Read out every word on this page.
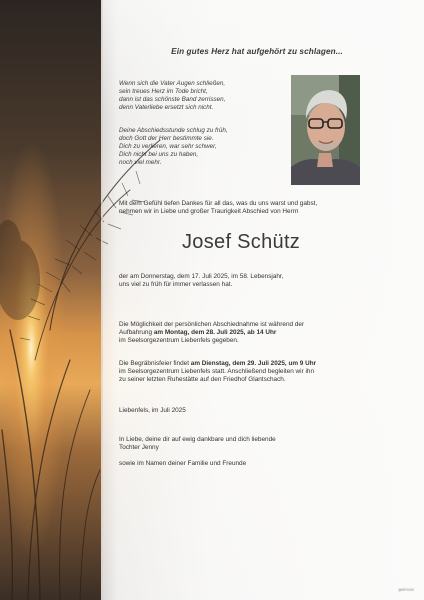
Ein gutes Herz hat aufgehört zu schlagen...
Wenn sich die Vater Augen schließen,
sein treues Herz im Tode bricht,
dann ist das schönste Band zerrissen,
denn Vaterliebe ersetzt sich nicht.
Deine Abschiedsstunde schlug zu früh,
doch Gott der Herr bestimmte sie.
Dich zu verlieren, war sehr schwer,
Dich nicht bei uns zu haben,
noch viel mehr.
Mit dem Gefühl tiefen Dankes für all das, was du uns warst und gabst,
nehmen wir in Liebe und großer Traurigkeit Abschied von Herrn
Josef Schütz
der am Donnerstag, dem 17. Juli 2025, im 58. Lebensjahr,
uns viel zu früh für immer verlassen hat.
Die Möglichkeit der persönlichen Abschiednahme ist während der
Aufbahrung am Montag, dem 28. Juli 2025, ab 14 Uhr
im Seelsorgezentrum Liebenfels gegeben.
Die Begräbnisfeier findet am Dienstag, dem 29. Juli 2025, um 9 Uhr
im Seelsorgezentrum Liebenfels statt. Anschließend begleiten wir ihn
zu seiner letzten Ruhestätte auf den Friedhof Glantschach.
Liebenfels, im Juli 2025
In Liebe, deine dir auf ewig dankbare und dich liebende
Tochter Jenny
sowie im Namen deiner Familie und Freunde
@BF/0/00
